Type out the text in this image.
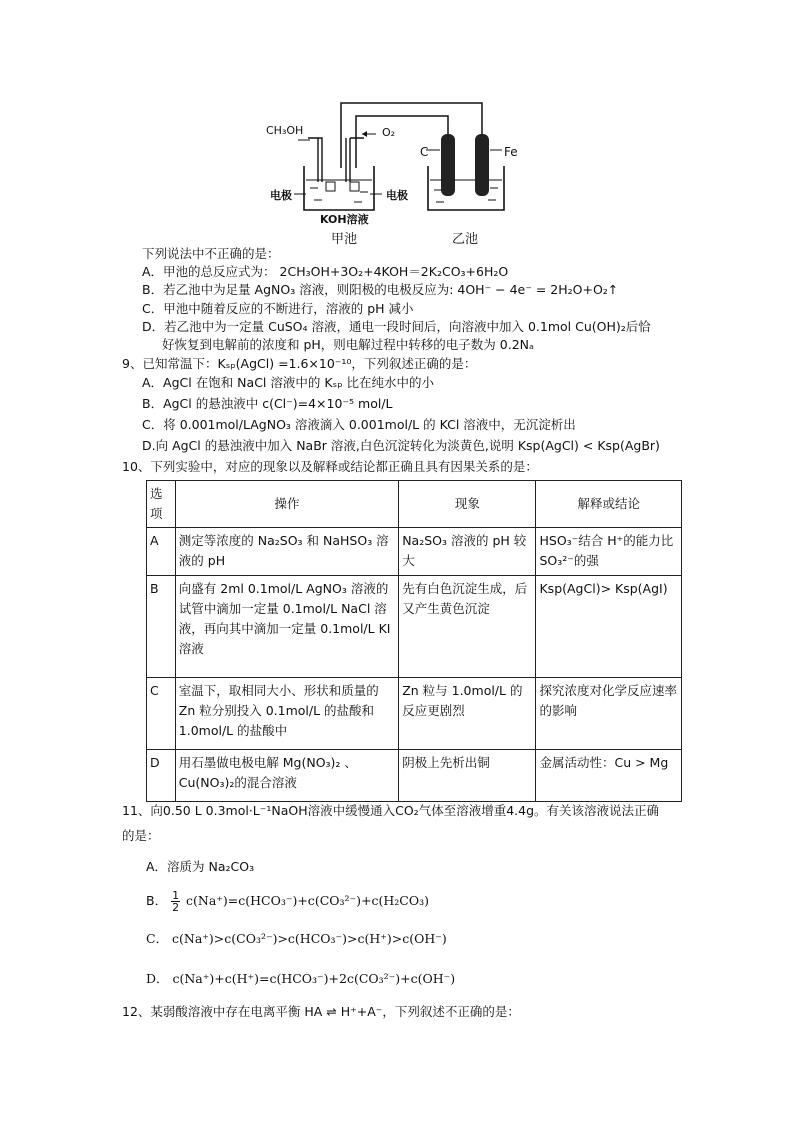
CH₃OH	O₂
电极	电极
KOH溶液
甲池	乙池
C	Fe
下列说法中不正确的是：
A．甲池的总反应式为： 2CH₃OH+3O₂+4KOH＝2K₂CO₃+6H₂O
B．若乙池中为足量 AgNO₃ 溶液，则阳极的电极反应为: 4OH⁻ − 4e⁻ = 2H₂O+O₂↑
C．甲池中随着反应的不断进行，溶液的 pH 减小
D．若乙池中为一定量 CuSO₄ 溶液，通电一段时间后，向溶液中加入 0.1mol Cu(OH)₂后恰
好恢复到电解前的浓度和 pH，则电解过程中转移的电子数为 0.2Nₐ
9、已知常温下：Kₛₚ(AgCl) =1.6×10⁻¹⁰，下列叙述正确的是：
A．AgCl 在饱和 NaCl 溶液中的 Kₛₚ 比在纯水中的小
B．AgCl 的悬浊液中 c(Cl⁻)=4×10⁻⁵ mol/L
C．将 0.001mol/LAgNO₃ 溶液滴入 0.001mol/L 的 KCl 溶液中，无沉淀析出
D.向 AgCl 的悬浊液中加入 NaBr 溶液,白色沉淀转化为淡黄色,说明 Ksp(AgCl) < Ksp(AgBr)
10、下列实验中，对应的现象以及解释或结论都正确且具有因果关系的是：
选项	操作	现象	解释或结论
A	测定等浓度的 Na₂SO₃ 和 NaHSO₃ 溶液的 pH	Na₂SO₃ 溶液的 pH 较大	HSO₃⁻结合 H⁺的能力比 SO₃²⁻的强
B	向盛有 2ml 0.1mol/L AgNO₃ 溶液的试管中滴加一定量 0.1mol/L NaCl 溶液，再向其中滴加一定量 0.1mol/L KI 溶液	先有白色沉淀生成，后又产生黄色沉淀	Ksp(AgCl)> Ksp(AgI)
C	室温下，取相同大小、形状和质量的 Zn 粒分别投入 0.1mol/L 的盐酸和 1.0mol/L 的盐酸中	Zn 粒与 1.0mol/L 的反应更剧烈	探究浓度对化学反应速率的影响
D	用石墨做电极电解 Mg(NO₃)₂ 、Cu(NO₃)₂的混合溶液	阴极上先析出铜	金属活动性：Cu > Mg
11、向0.50 L 0.3mol·L⁻¹NaOH溶液中缓慢通入CO₂气体至溶液增重4.4g。有关该溶液说法正确
的是：
A．溶质为 Na₂CO₃
B． $\frac{1}{2} c(Na^+)=c(HCO_3^-)+c(CO_3^{2-})+c(H_2CO_3)$
C． c(Na⁺)>c(CO₃²⁻)>c(HCO₃⁻)>c(H⁺)>c(OH⁻)
D． c(Na⁺)+c(H⁺)=c(HCO₃⁻)+2c(CO₃²⁻)+c(OH⁻)
12、某弱酸溶液中存在电离平衡 HA ⇌ H⁺+A⁻，下列叙述不正确的是：
